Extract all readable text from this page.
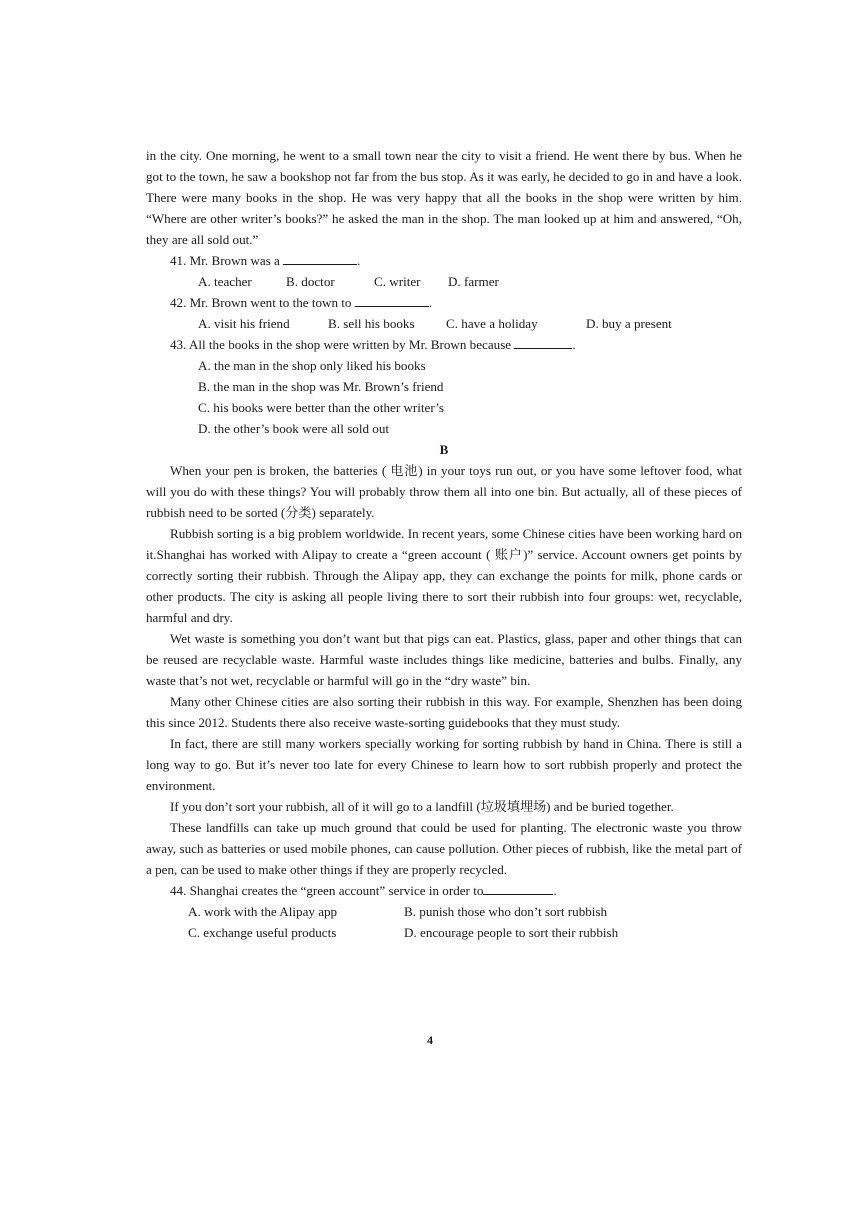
in the city. One morning, he went to a small town near the city to visit a friend. He went there by bus. When he got to the town, he saw a bookshop not far from the bus stop. As it was early, he decided to go in and have a look. There were many books in the shop. He was very happy that all the books in the shop were written by him. “Where are other writer’s books?” he asked the man in the shop. The man looked up at him and answered, “Oh, they are all sold out.”

41. Mr. Brown was a	.

A. teacher	B. doctor	C. writer	D. farmer

42. Mr. Brown went to the town to	.

A. visit his friend	B. sell his books	C. have a holiday	D. buy a present

43. All the books in the shop were written by Mr. Brown because	.

A. the man in the shop only liked his books

B. the man in the shop was Mr. Brown’s friend

C. his books were better than the other writer’s

D. the other’s book were all sold out

B

When your pen is broken, the batteries ( 电池) in your toys run out, or you have some leftover food, what will you do with these things? You will probably throw them all into one bin. But actually, all of these pieces of rubbish need to be sorted (分类) separately.

Rubbish sorting is a big problem worldwide. In recent years, some Chinese cities have been working hard on it.Shanghai has worked with Alipay to create a “green account ( 账户)” service. Account owners get points by correctly sorting their rubbish. Through the Alipay app, they can exchange the points for milk, phone cards or other products. The city is asking all people living there to sort their rubbish into four groups: wet, recyclable, harmful and dry.

Wet waste is something you don’t want but that pigs can eat. Plastics, glass, paper and other things that can be reused are recyclable waste. Harmful waste includes things like medicine, batteries and bulbs. Finally, any waste that’s not wet, recyclable or harmful will go in the “dry waste” bin.

Many other Chinese cities are also sorting their rubbish in this way. For example, Shenzhen has been doing this since 2012. Students there also receive waste-sorting guidebooks that they must study.

In fact, there are still many workers specially working for sorting rubbish by hand in China. There is still a long way to go. But it’s never too late for every Chinese to learn how to sort rubbish properly and protect the environment.

If you don’t sort your rubbish, all of it will go to a landfill (垃圾填埋场) and be buried together.

These landfills can take up much ground that could be used for planting. The electronic waste you throw away, such as batteries or used mobile phones, can cause pollution. Other pieces of rubbish, like the metal part of a pen, can be used to make other things if they are properly recycled.

44. Shanghai creates the “green account” service in order to	.

A. work with the Alipay app	B. punish those who don’t sort rubbish
C. exchange useful products	D. encourage people to sort their rubbish
4
